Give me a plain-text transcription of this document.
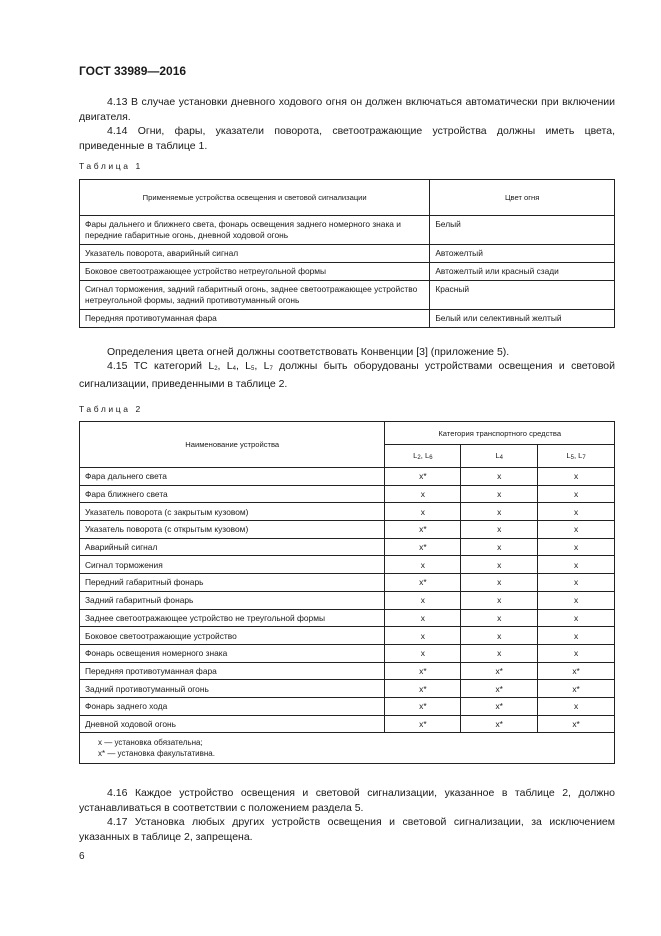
ГОСТ 33989—2016
4.13 В случае установки дневного ходового огня он должен включаться автоматически при включении двигателя.
4.14 Огни, фары, указатели поворота, светоотражающие устройства должны иметь цвета, приведенные в таблице 1.
Таблица 1
Применяемые устройства освещения и световой сигнализации	Цвет огня
Фары дальнего и ближнего света, фонарь освещения заднего номерного знака и передние габаритные огонь, дневной ходовой огонь	Белый
Указатель поворота, аварийный сигнал	Автожелтый
Боковое светоотражающее устройство нетреугольной формы	Автожелтый или красный сзади
Сигнал торможения, задний габаритный огонь, заднее светоотражающее устройство нетреугольной формы, задний противотуманный огонь	Красный
Передняя противотуманная фара	Белый или селективный желтый
Определения цвета огней должны соответствовать Конвенции [3] (приложение 5).
4.15 ТС категорий $L_2$, $L_4$, $L_5$, $L_7$ должны быть оборудованы устройствами освещения и световой сигнализации, приведенными в таблице 2.
Таблица 2
Наименование устройства	Категория транспортного средства		
	$L_2$, $L_6$	$L_4$	$L_5$, $L_7$
Фара дальнего света	x*	x	x
Фара ближнего света	x	x	x
Указатель поворота (с закрытым кузовом)	x	x	x
Указатель поворота (с открытым кузовом)	x*	x	x
Аварийный сигнал	x*	x	x
Сигнал торможения	x	x	x
Передний габаритный фонарь	x*	x	x
Задний габаритный фонарь	x	x	x
Заднее светоотражающее устройство не треугольной формы	x	x	x
Боковое светоотражающие устройство	x	x	x
Фонарь освещения номерного знака	x	x	x
Передняя противотуманная фара	x*	x*	x*
Задний противотуманный огонь	x*	x*	x*
Фонарь заднего хода	x*	x*	x
Дневной ходовой огонь	x*	x*	x*

x — установка обязательна;
x* — установка факультативна.			
4.16 Каждое устройство освещения и световой сигнализации, указанное в таблице 2, должно устанавливаться в соответствии с положением раздела 5.
4.17 Установка любых других устройств освещения и световой сигнализации, за исключением указанных в таблице 2, запрещена.
6
